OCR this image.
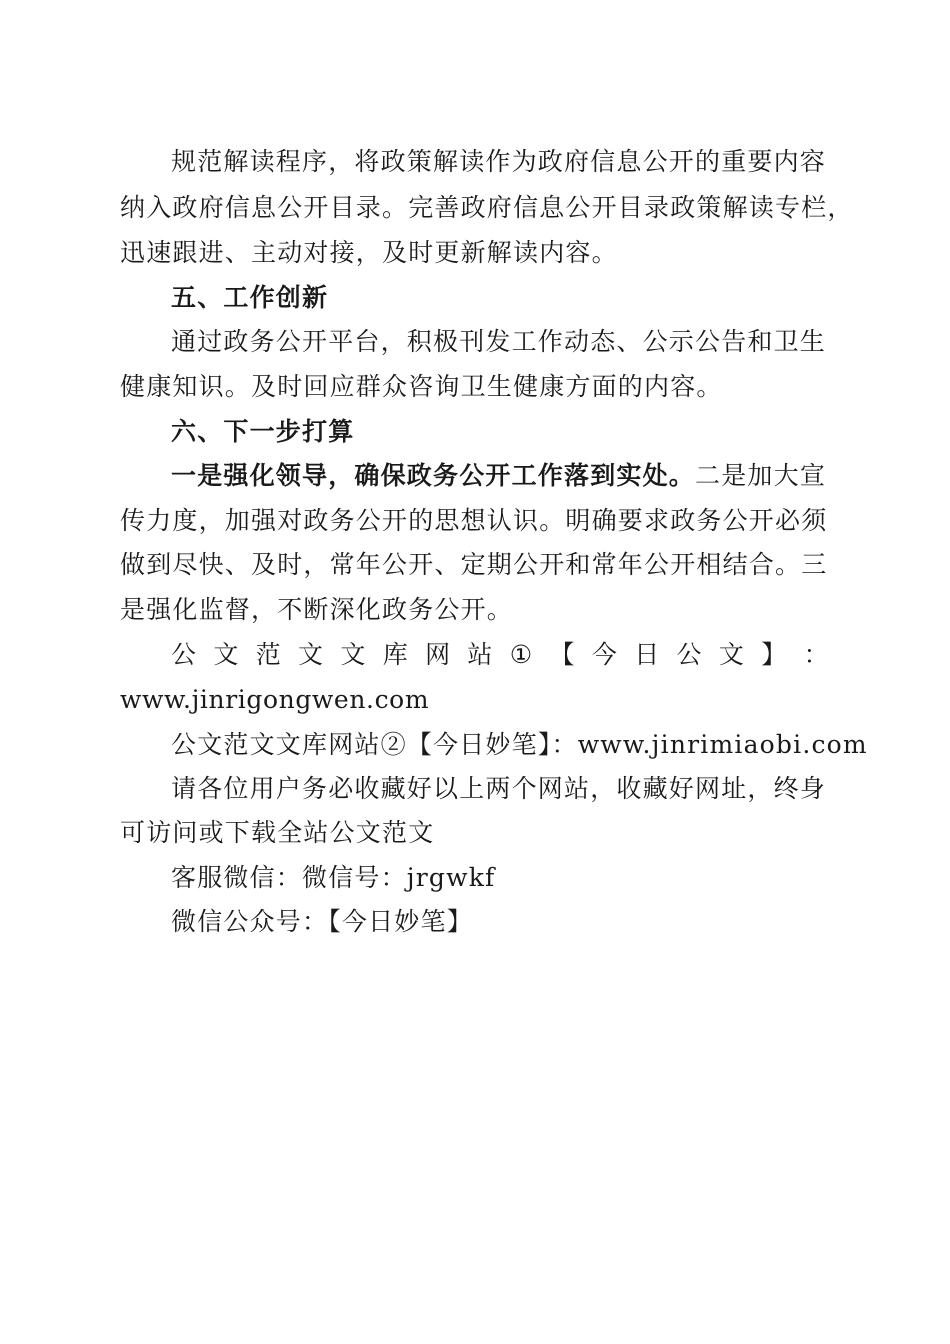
规范解读程序，将政策解读作为政府信息公开的重要内容
纳入政府信息公开目录。完善政府信息公开目录政策解读专栏，
迅速跟进、主动对接，及时更新解读内容。
五、工作创新
通过政务公开平台，积极刊发工作动态、公示公告和卫生
健康知识。及时回应群众咨询卫生健康方面的内容。
六、下一步打算
一是强化领导，确保政务公开工作落到实处。二是加大宣
传力度，加强对政务公开的思想认识。明确要求政务公开必须
做到尽快、及时，常年公开、定期公开和常年公开相结合。三
是强化监督，不断深化政务公开。
公 文 范 文 文 库 网 站 ① 【 今 日 公 文 】 ：
www.jinrigongwen.com
公文范文文库网站②【今日妙笔】：www.jinrimiaobi.com
请各位用户务必收藏好以上两个网站，收藏好网址，终身
可访问或下载全站公文范文
客服微信：微信号：jrgwkf
微信公众号：【今日妙笔】
